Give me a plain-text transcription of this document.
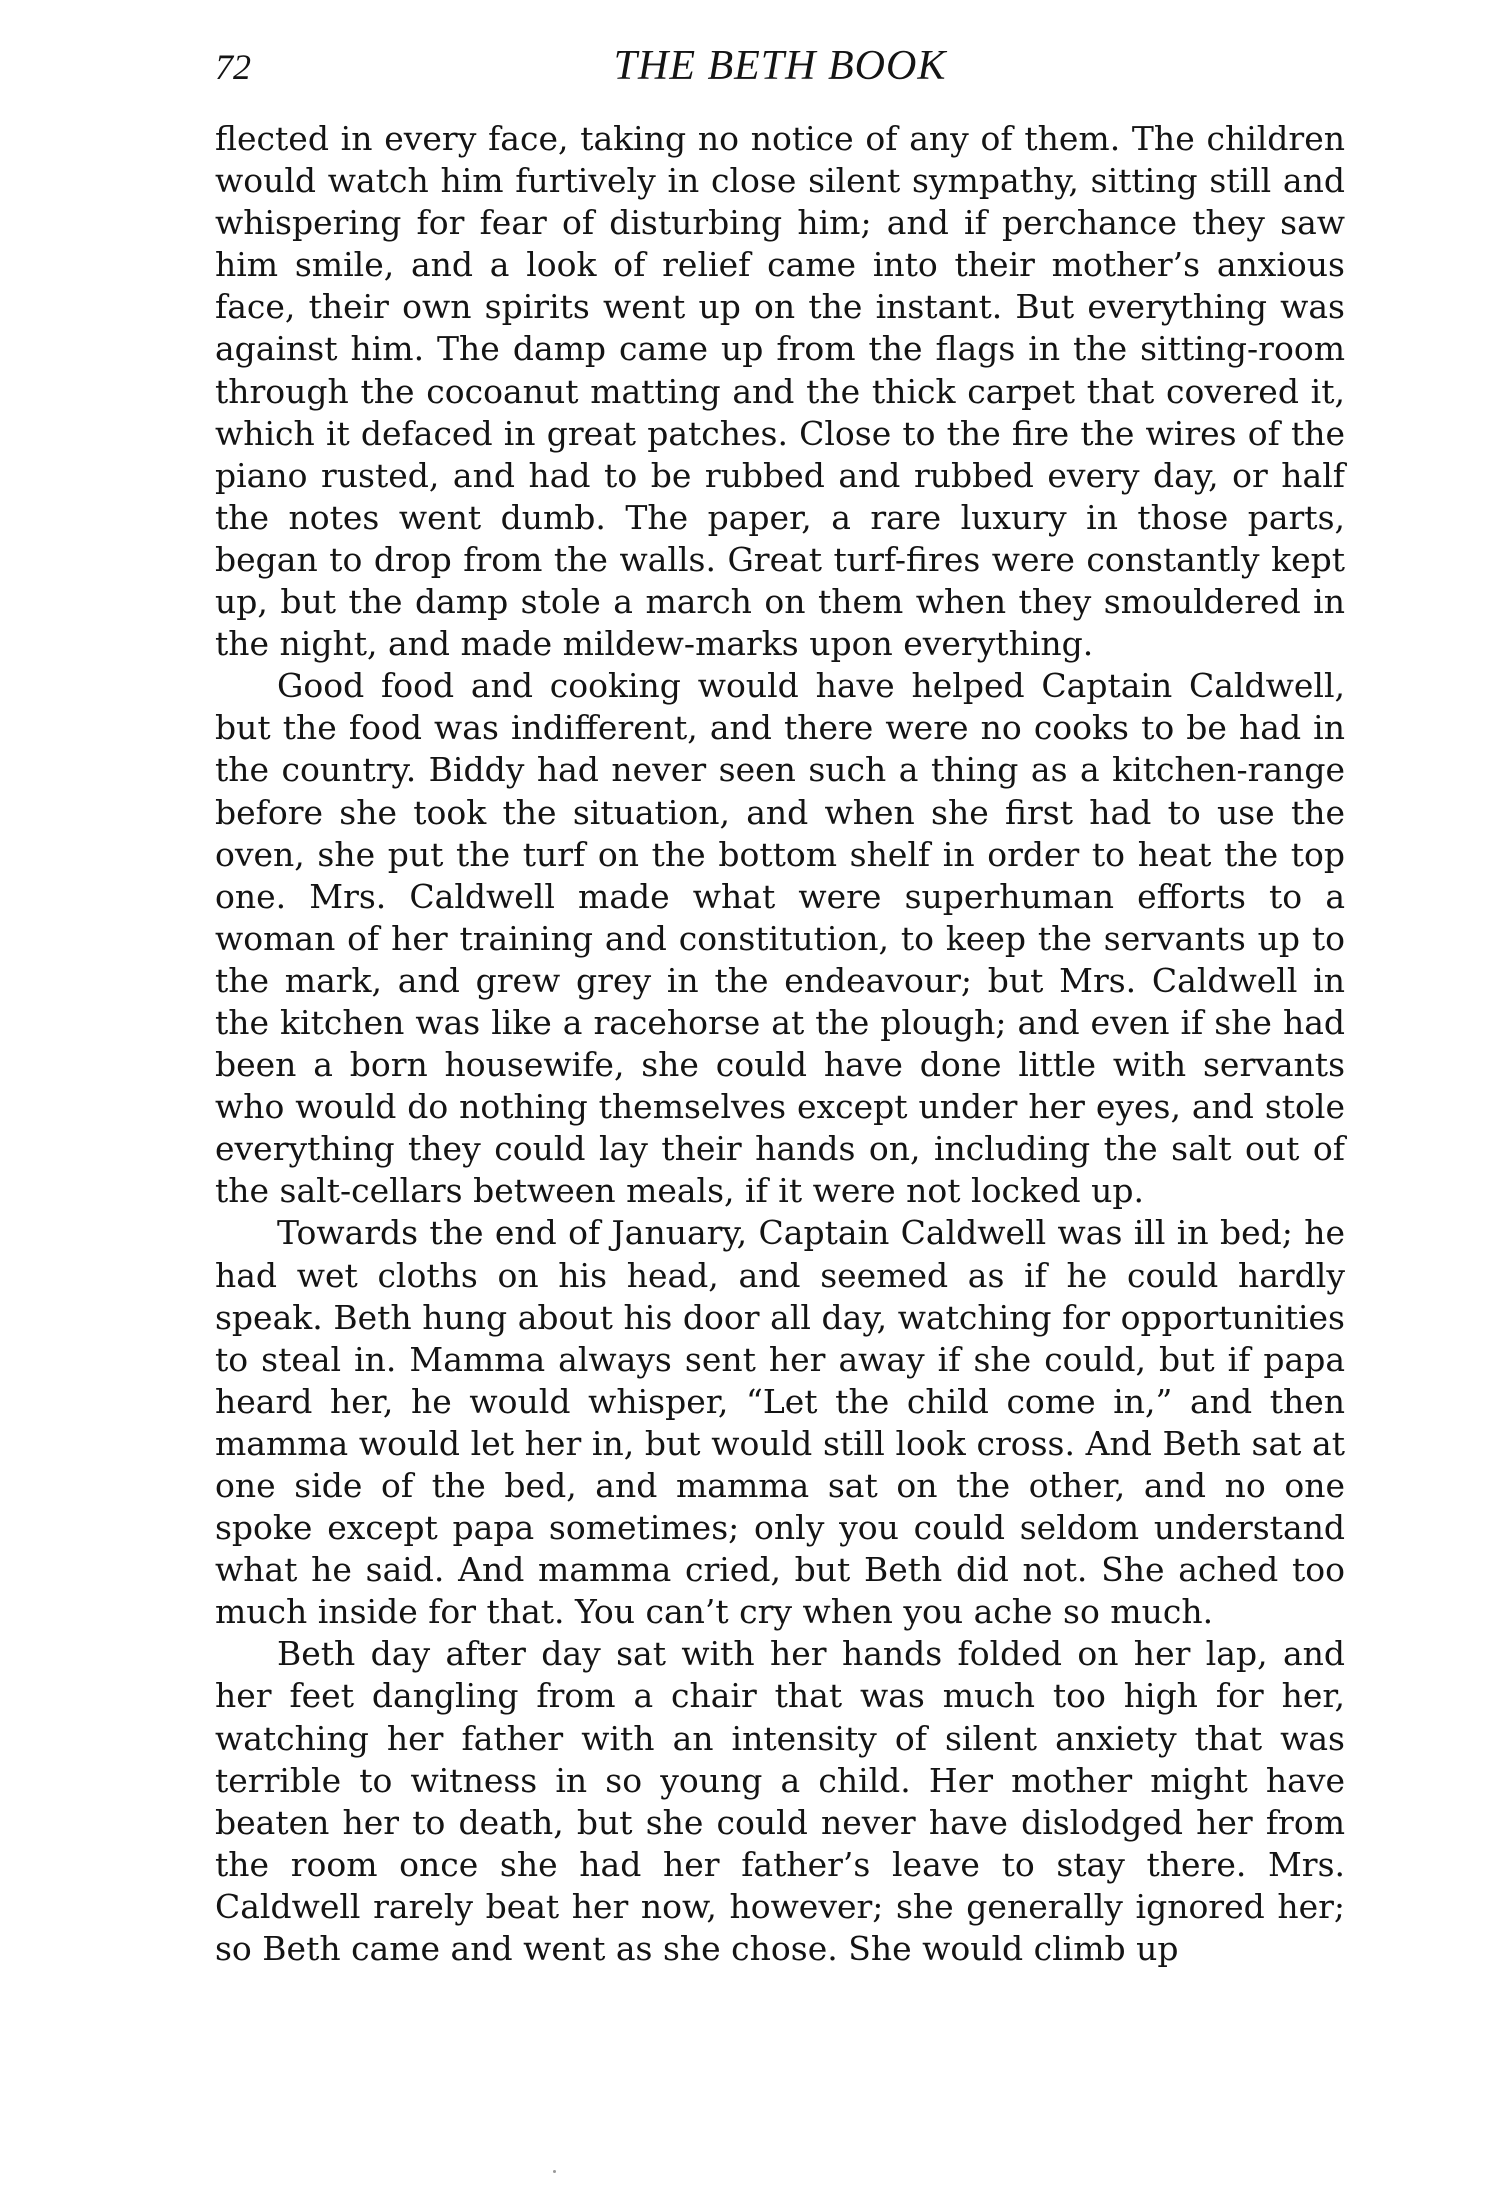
72	THE BETH BOOK

flected in every face, taking no notice of any of them. The children would watch him furtively in close silent sympathy, sitting still and whispering for fear of disturbing him; and if perchance they saw him smile, and a look of relief came into their mother’s anxious face, their own spirits went up on the instant. But everything was against him. The damp came up from the flags in the sitting-room through the cocoanut matting and the thick carpet that covered it, which it defaced in great patches. Close to the fire the wires of the piano rusted, and had to be rubbed and rubbed every day, or half the notes went dumb. The paper, a rare luxury in those parts, began to drop from the walls. Great turf-fires were constantly kept up, but the damp stole a march on them when they smouldered in the night, and made mildew-marks upon everything.

Good food and cooking would have helped Captain Caldwell, but the food was indifferent, and there were no cooks to be had in the country. Biddy had never seen such a thing as a kitchen-range before she took the situation, and when she first had to use the oven, she put the turf on the bottom shelf in order to heat the top one. Mrs. Caldwell made what were superhuman efforts to a woman of her training and constitution, to keep the servants up to the mark, and grew grey in the endeavour; but Mrs. Caldwell in the kitchen was like a racehorse at the plough; and even if she had been a born housewife, she could have done little with servants who would do nothing themselves except under her eyes, and stole everything they could lay their hands on, including the salt out of the salt-cellars between meals, if it were not locked up.

Towards the end of January, Captain Caldwell was ill in bed; he had wet cloths on his head, and seemed as if he could hardly speak. Beth hung about his door all day, watching for opportunities to steal in. Mamma always sent her away if she could, but if papa heard her, he would whisper, “Let the child come in,” and then mamma would let her in, but would still look cross. And Beth sat at one side of the bed, and mamma sat on the other, and no one spoke except papa sometimes; only you could seldom understand what he said. And mamma cried, but Beth did not. She ached too much inside for that. You can’t cry when you ache so much.

Beth day after day sat with her hands folded on her lap, and her feet dangling from a chair that was much too high for her, watching her father with an intensity of silent anxiety that was terrible to witness in so young a child. Her mother might have beaten her to death, but she could never have dislodged her from the room once she had her father’s leave to stay there. Mrs. Caldwell rarely beat her now, however; she generally ignored her; so Beth came and went as she chose. She would climb up
